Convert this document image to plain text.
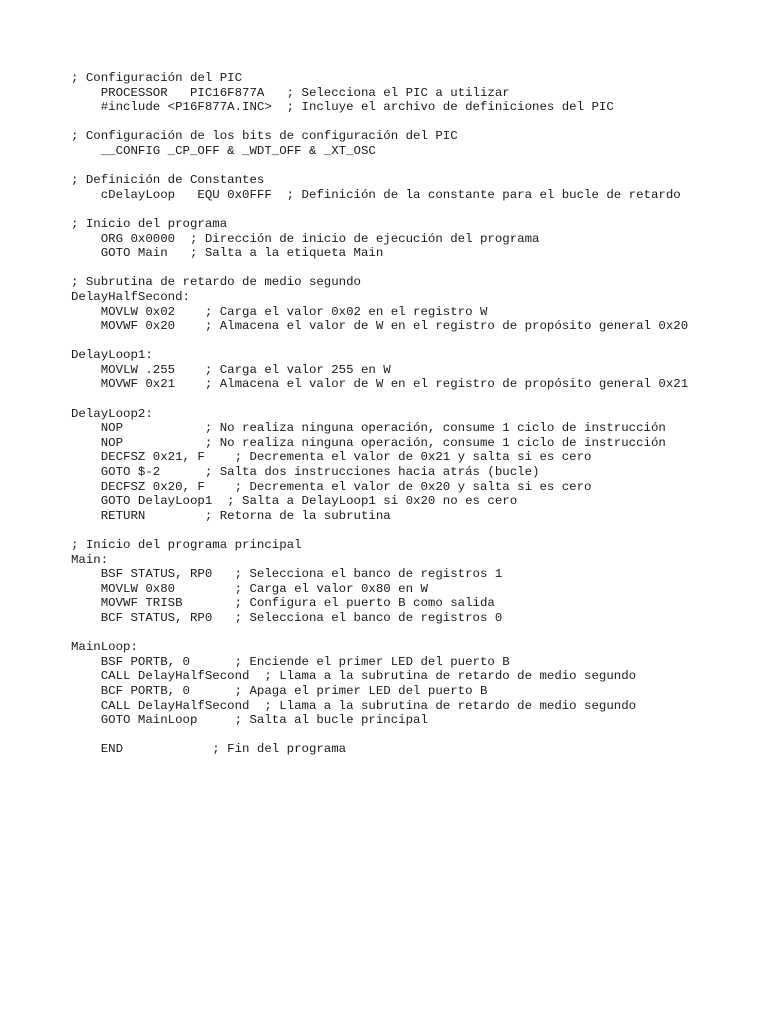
; Configuración del PIC
PROCESSOR   PIC16F877A   ; Selecciona el PIC a utilizar
#include <P16F877A.INC>  ; Incluye el archivo de definiciones del PIC
; Configuración de los bits de configuración del PIC
__CONFIG _CP_OFF & _WDT_OFF & _XT_OSC
; Definición de Constantes
cDelayLoop   EQU 0x0FFF  ; Definición de la constante para el bucle de retardo
; Inicio del programa
ORG 0x0000  ; Dirección de inicio de ejecución del programa
GOTO Main   ; Salta a la etiqueta Main
; Subrutina de retardo de medio segundo
DelayHalfSecond:
MOVLW 0x02    ; Carga el valor 0x02 en el registro W
MOVWF 0x20    ; Almacena el valor de W en el registro de propósito general 0x20
DelayLoop1:
MOVLW .255    ; Carga el valor 255 en W
MOVWF 0x21    ; Almacena el valor de W en el registro de propósito general 0x21
DelayLoop2:
NOP           ; No realiza ninguna operación, consume 1 ciclo de instrucción
NOP           ; No realiza ninguna operación, consume 1 ciclo de instrucción
DECFSZ 0x21, F    ; Decrementa el valor de 0x21 y salta si es cero
GOTO $-2      ; Salta dos instrucciones hacia atrás (bucle)
DECFSZ 0x20, F    ; Decrementa el valor de 0x20 y salta si es cero
GOTO DelayLoop1  ; Salta a DelayLoop1 si 0x20 no es cero
RETURN        ; Retorna de la subrutina
; Inicio del programa principal
Main:
BSF STATUS, RP0   ; Selecciona el banco de registros 1
MOVLW 0x80        ; Carga el valor 0x80 en W
MOVWF TRISB       ; Configura el puerto B como salida
BCF STATUS, RP0   ; Selecciona el banco de registros 0
MainLoop:
BSF PORTB, 0      ; Enciende el primer LED del puerto B
CALL DelayHalfSecond  ; Llama a la subrutina de retardo de medio segundo
BCF PORTB, 0      ; Apaga el primer LED del puerto B
CALL DelayHalfSecond  ; Llama a la subrutina de retardo de medio segundo
GOTO MainLoop     ; Salta al bucle principal
END            ; Fin del programa
